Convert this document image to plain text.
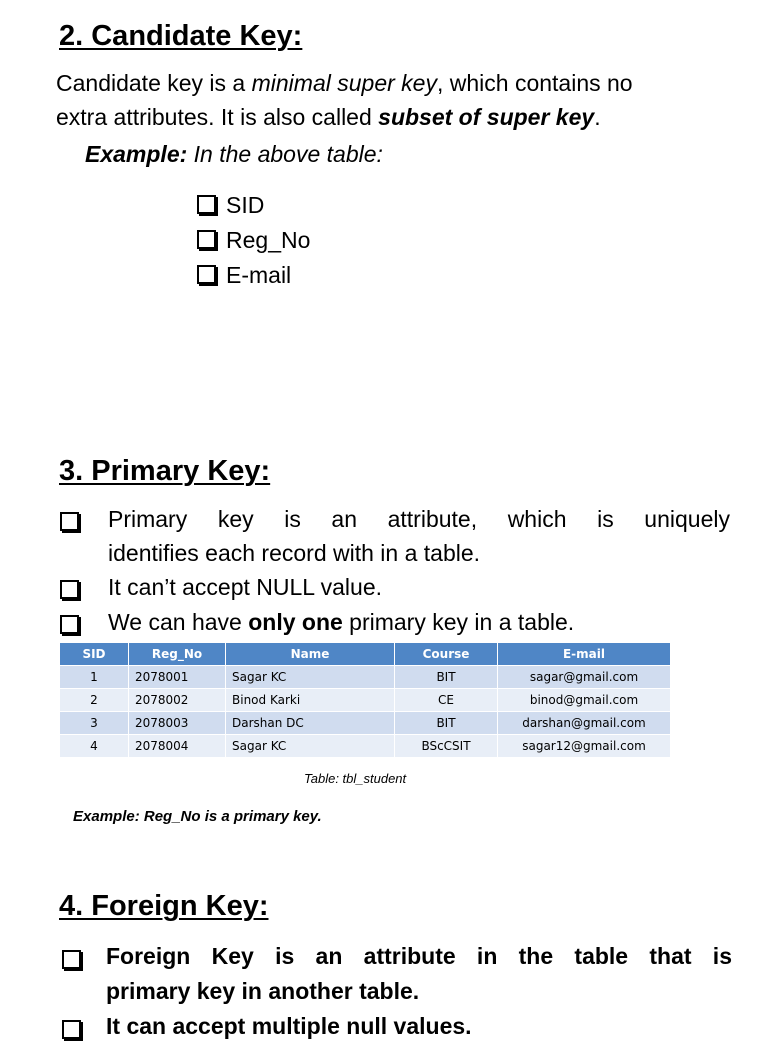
2. Candidate Key:
Candidate key is a minimal super key, which contains no
extra attributes. It is also called subset of super key.
Example: In the above table:
SID
Reg_No
E-mail
3. Primary Key:
Primary key is an attribute, which is uniquely
identifies each record with in a table.
It can’t accept NULL value.
We can have only one primary key in a table.
SID	Reg_No	Name	Course	E-mail
1	2078001	Sagar KC	BIT	sagar@gmail.com
2	2078002	Binod Karki	CE	binod@gmail.com
3	2078003	Darshan DC	BIT	darshan@gmail.com
4	2078004	Sagar KC	BScCSIT	sagar12@gmail.com
Table: tbl_student
Example: Reg_No is a primary key.
4. Foreign Key:
Foreign Key is an attribute in the table that is
primary key in another table.
It can accept multiple null values.
